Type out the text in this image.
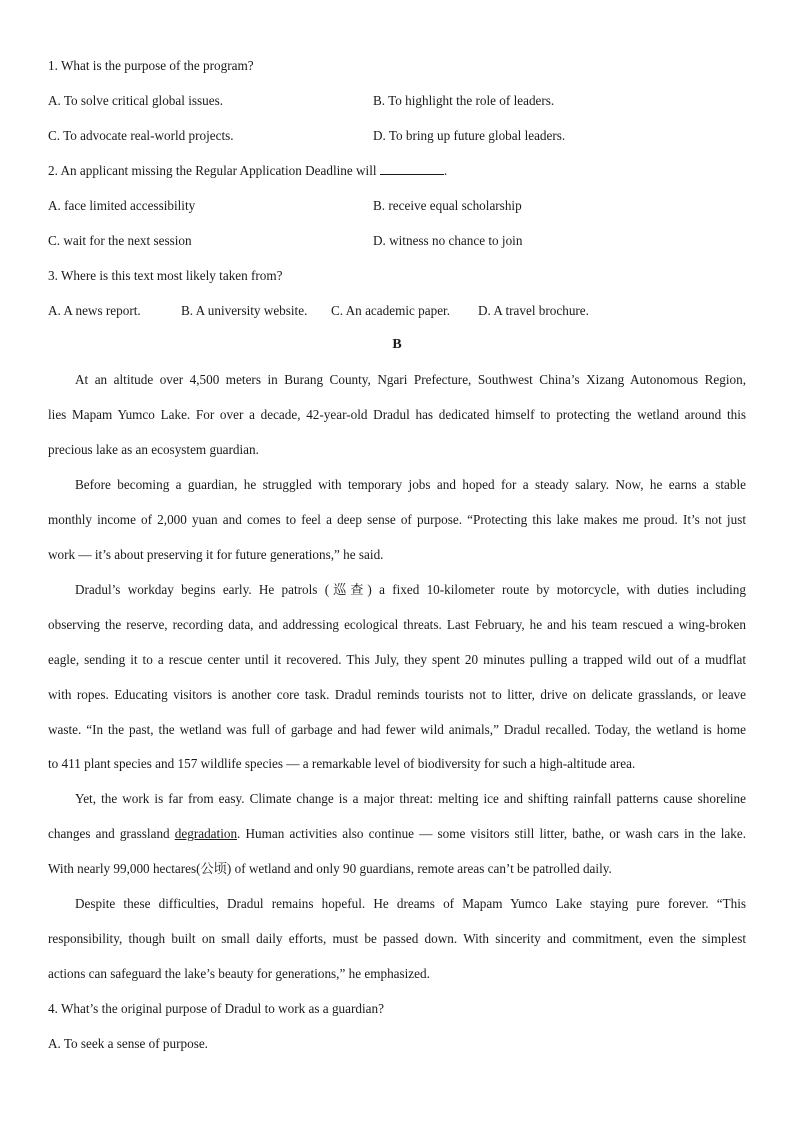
1. What is the purpose of the program?
A. To solve critical global issues.	B. To highlight the role of leaders.
C. To advocate real-world projects.	D. To bring up future global leaders.
2. An applicant missing the Regular Application Deadline will	.
A. face limited accessibility	B. receive equal scholarship
C. wait for the next session	D. witness no chance to join
3. Where is this text most likely taken from?
A. A news report.	B. A university website. C. An academic paper. D. A travel brochure.
B
At an altitude over 4,500 meters in Burang County, Ngari Prefecture, Southwest China’s Xizang Autonomous Region,
lies Mapam Yumco Lake. For over a decade, 42-year-old Dradul has dedicated himself to protecting the wetland around this
precious lake as an ecosystem guardian.
Before becoming a guardian, he struggled with temporary jobs and hoped for a steady salary. Now, he earns a stable
monthly income of 2,000 yuan and comes to feel a deep sense of purpose. “Protecting this lake makes me proud. It’s not just
work — it’s about preserving it for future generations,” he said.
Dradul’s workday begins early. He patrols (巡查) a fixed 10-kilometer route by motorcycle, with duties including
observing the reserve, recording data, and addressing ecological threats. Last February, he and his team rescued a wing-broken
eagle, sending it to a rescue center until it recovered. This July, they spent 20 minutes pulling a trapped wild out of a mudflat
with ropes. Educating visitors is another core task. Dradul reminds tourists not to litter, drive on delicate grasslands, or leave
waste. “In the past, the wetland was full of garbage and had fewer wild animals,” Dradul recalled. Today, the wetland is home
to 411 plant species and 157 wildlife species — a remarkable level of biodiversity for such a high-altitude area.
Yet, the work is far from easy. Climate change is a major threat: melting ice and shifting rainfall patterns cause shoreline
changes and grassland degradation. Human activities also continue — some visitors still litter, bathe, or wash cars in the lake.
With nearly 99,000 hectares(公顷) of wetland and only 90 guardians, remote areas can’t be patrolled daily.
Despite these difficulties, Dradul remains hopeful. He dreams of Mapam Yumco Lake staying pure forever. “This
responsibility, though built on small daily efforts, must be passed down. With sincerity and commitment, even the simplest
actions can safeguard the lake’s beauty for generations,” he emphasized.
4. What’s the original purpose of Dradul to work as a guardian?
A. To seek a sense of purpose.
